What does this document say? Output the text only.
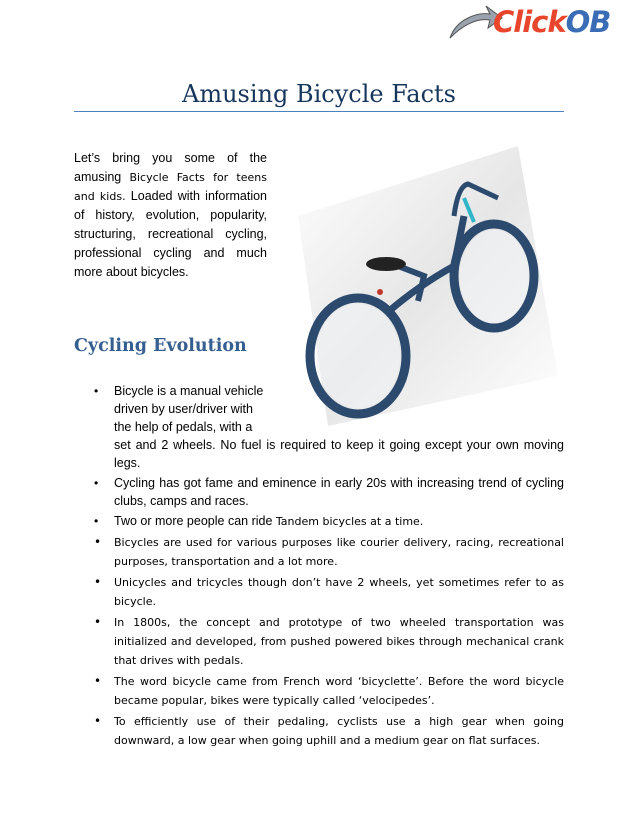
ClickOB
Amusing Bicycle Facts
Let’s bring you some of the amusing Bicycle Facts for teens and kids. Loaded with information of history, evolution, popularity, structuring, recreational cycling, professional cycling and much more about bicycles.
Cycling Evolution
• Bicycle is a manual vehicle
driven by user/driver with
the help of pedals, with a
set and 2 wheels. No fuel is required to keep it going except your own moving legs.
• Cycling has got fame and eminence in early 20s with increasing trend of cycling clubs, camps and races.
• Two or more people can ride Tandem bicycles at a time.
• Bicycles are used for various purposes like courier delivery, racing, recreational purposes, transportation and a lot more.
• Unicycles and tricycles though don’t have 2 wheels, yet sometimes refer to as bicycle.
• In 1800s, the concept and prototype of two wheeled transportation was initialized and developed, from pushed powered bikes through mechanical crank that drives with pedals.
• The word bicycle came from French word ‘bicyclette’. Before the word bicycle became popular, bikes were typically called ‘velocipedes’.
• To efficiently use of their pedaling, cyclists use a high gear when going downward, a low gear when going uphill and a medium gear on flat surfaces.
